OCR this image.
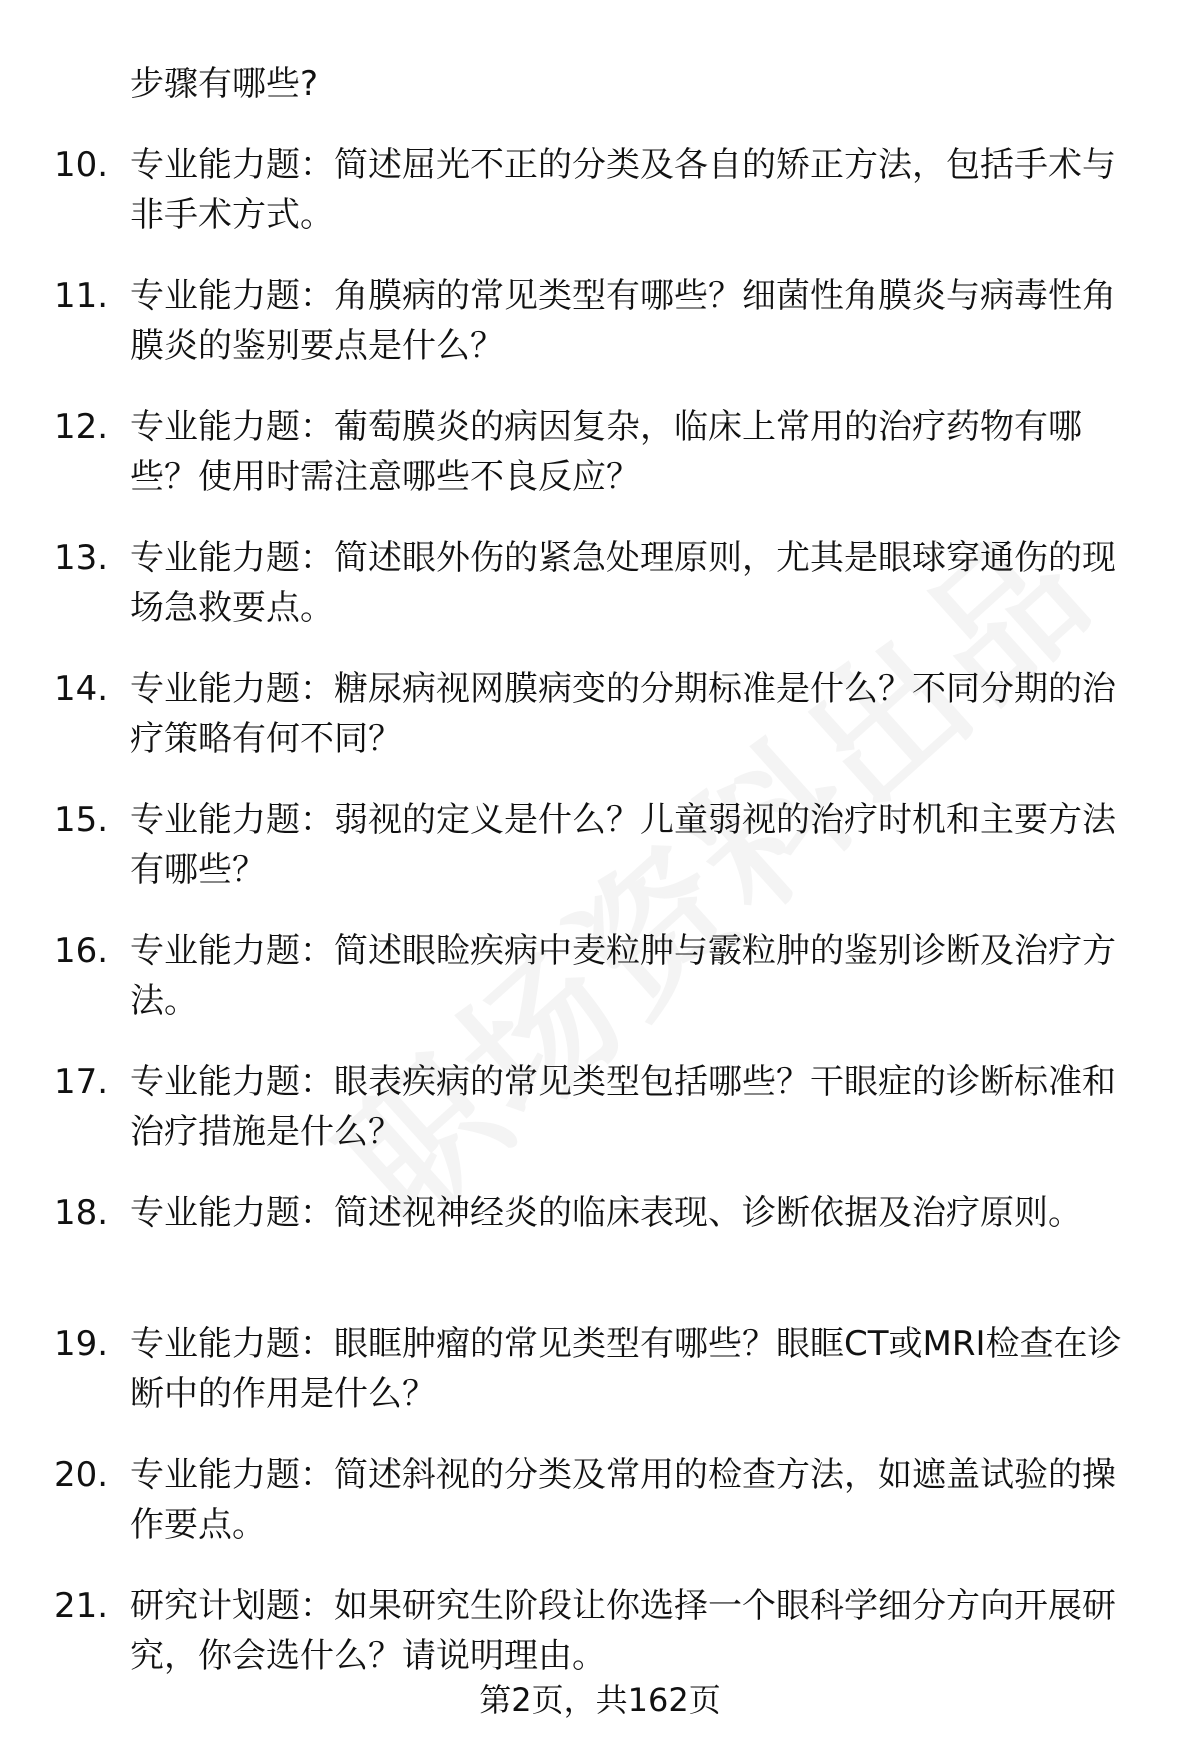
步骤有哪些?
10. 专业能力题：简述屈光不正的分类及各自的矫正方法，包括手术与非手术方式。
11. 专业能力题：角膜病的常见类型有哪些？细菌性角膜炎与病毒性角膜炎的鉴别要点是什么？
12. 专业能力题：葡萄膜炎的病因复杂，临床上常用的治疗药物有哪些？使用时需注意哪些不良反应？
13. 专业能力题：简述眼外伤的紧急处理原则，尤其是眼球穿通伤的现场急救要点。
14. 专业能力题：糖尿病视网膜病变的分期标准是什么？不同分期的治疗策略有何不同？
15. 专业能力题：弱视的定义是什么？儿童弱视的治疗时机和主要方法有哪些？
16. 专业能力题：简述眼睑疾病中麦粒肿与霰粒肿的鉴别诊断及治疗方法。
17. 专业能力题：眼表疾病的常见类型包括哪些？干眼症的诊断标准和治疗措施是什么？
18. 专业能力题：简述视神经炎的临床表现、诊断依据及治疗原则。
19. 专业能力题：眼眶肿瘤的常见类型有哪些？眼眶CT或MRI检查在诊断中的作用是什么？
20. 专业能力题：简述斜视的分类及常用的检查方法，如遮盖试验的操作要点。
21. 研究计划题：如果研究生阶段让你选择一个眼科学细分方向开展研究，你会选什么？请说明理由。
第2页，共162页
